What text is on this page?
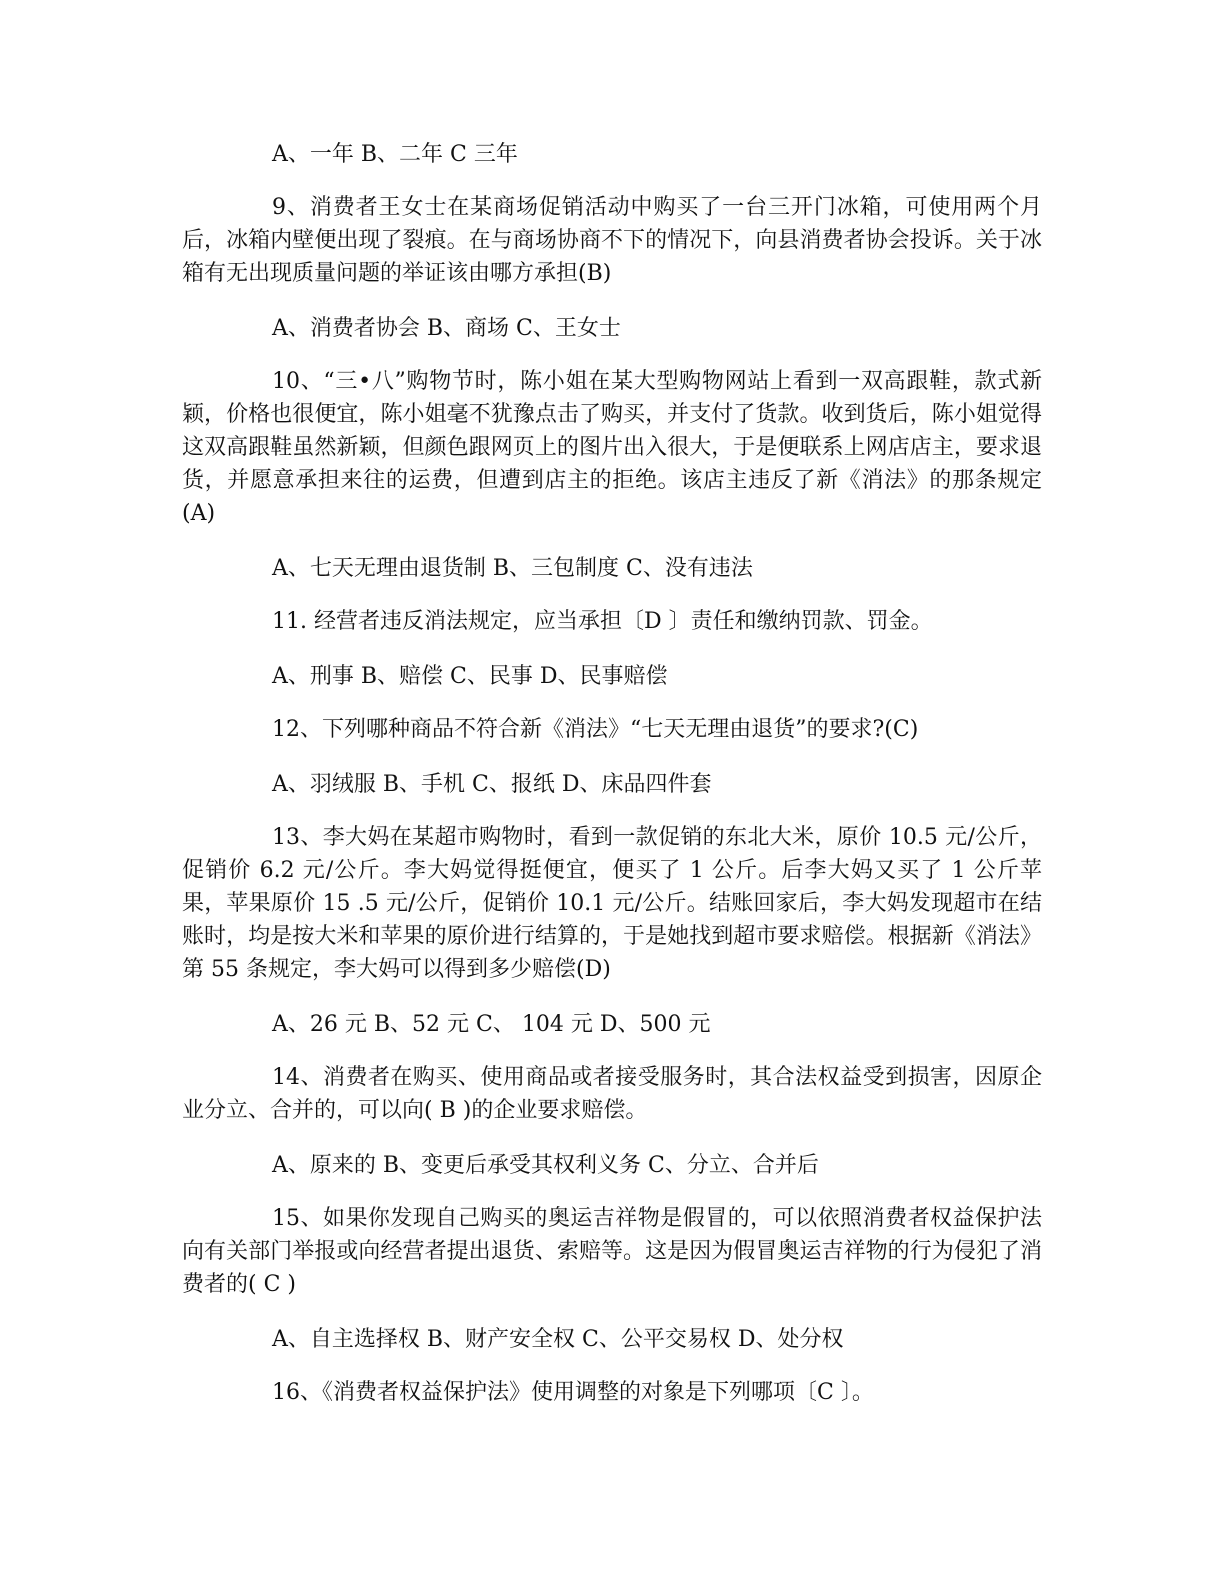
A、一年 B、二年 C 三年

9、消费者王女士在某商场促销活动中购买了一台三开门冰箱，可使用两个月后，冰箱内壁便出现了裂痕。在与商场协商不下的情况下，向县消费者协会投诉。关于冰箱有无出现质量问题的举证该由哪方承担(B)

A、消费者协会 B、商场 C、王女士

10、“三•八”购物节时，陈小姐在某大型购物网站上看到一双高跟鞋，款式新颖，价格也很便宜，陈小姐毫不犹豫点击了购买，并支付了货款。收到货后，陈小姐觉得这双高跟鞋虽然新颖，但颜色跟网页上的图片出入很大，于是便联系上网店店主，要求退货，并愿意承担来往的运费，但遭到店主的拒绝。该店主违反了新《消法》的那条规定(A)

A、七天无理由退货制 B、三包制度 C、没有违法

11. 经营者违反消法规定，应当承担〔D 〕责任和缴纳罚款、罚金。

A、刑事 B、赔偿 C、民事 D、民事赔偿

12、下列哪种商品不符合新《消法》“七天无理由退货”的要求?(C)

A、羽绒服 B、手机 C、报纸 D、床品四件套

13、李大妈在某超市购物时，看到一款促销的东北大米，原价 10.5 元/公斤，促销价 6.2 元/公斤。李大妈觉得挺便宜，便买了 1 公斤。后李大妈又买了 1 公斤苹果，苹果原价 15 .5 元/公斤，促销价 10.1 元/公斤。结账回家后，李大妈发现超市在结账时，均是按大米和苹果的原价进行结算的，于是她找到超市要求赔偿。根据新《消法》第 55 条规定，李大妈可以得到多少赔偿(D)

A、26 元 B、52 元 C、 104 元 D、500 元

14、消费者在购买、使用商品或者接受服务时，其合法权益受到损害，因原企业分立、合并的，可以向( B )的企业要求赔偿。

A、原来的 B、变更后承受其权利义务 C、分立、合并后

15、如果你发现自己购买的奥运吉祥物是假冒的，可以依照消费者权益保护法向有关部门举报或向经营者提出退货、索赔等。这是因为假冒奥运吉祥物的行为侵犯了消费者的( C )

A、自主选择权 B、财产安全权 C、公平交易权 D、处分权

16、《消费者权益保护法》使用调整的对象是下列哪项〔C 〕。
